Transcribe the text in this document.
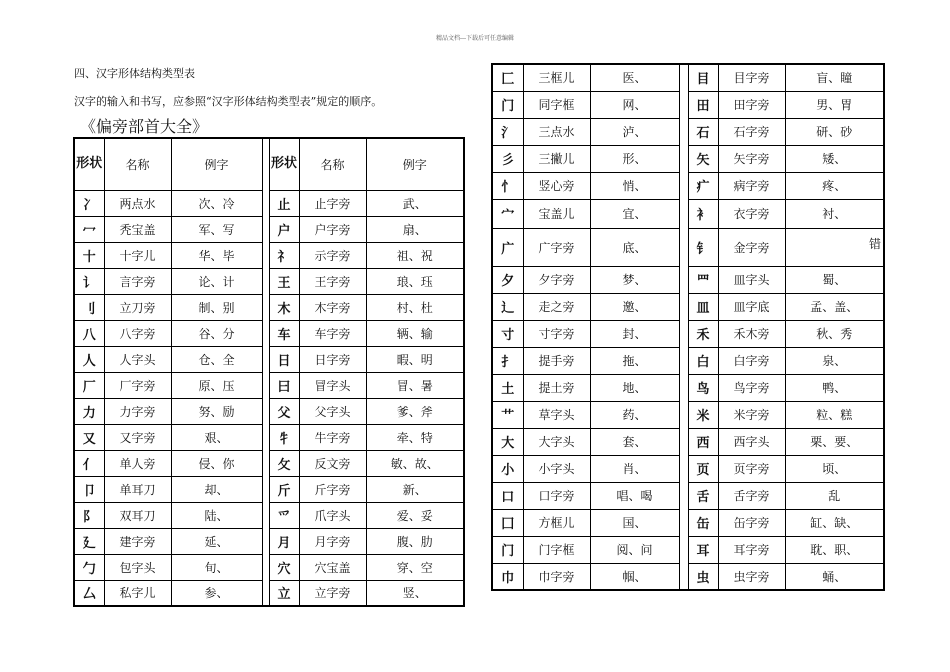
精品文档---下载后可任意编辑
四、汉字形体结构类型表
汉字的输入和书写，应参照“汉字形体结构类型表”规定的顺序。
《偏旁部首大全》
形状	名称	例字		形状	名称	例字
冫	两点水	次、冷		止	止字旁	武、
冖	秃宝盖	军、写		户	户字旁	扇、
十	十字儿	华、毕		礻	示字旁	祖、祝
讠	言字旁	论、计		王	王字旁	琅、珏
刂	立刀旁	制、别		木	木字旁	村、杜
八	八字旁	谷、分		车	车字旁	辆、输
人	人字头	仓、全		日	日字旁	暇、明
厂	厂字旁	原、压		曰	冒字头	冒、暑
力	力字旁	努、励		父	父字头	爹、斧
又	又字旁	艰、		牜	牛字旁	牵、特
亻	单人旁	侵、你		攵	反文旁	敏、故、
卩	单耳刀	却、		斤	斤字旁	新、
阝	双耳刀	陆、		爫	爪字头	爱、妥
廴	建字旁	延、		月	月字旁	腹、肋
勹	包字头	旬、		穴	穴宝盖	穿、空
厶	私字儿	参、		立	立字旁	竖、
匚	三框儿	医、		目	目字旁	盲、瞳
门	同字框	网、		田	田字旁	男、胃
氵	三点水	泸、		石	石字旁	研、砂
彡	三撇儿	形、		矢	矢字旁	矮、
忄	竖心旁	悄、		疒	病字旁	疼、
宀	宝盖儿	宜、		衤	衣字旁	衬、
广	广字旁	底、		钅	金字旁	错

夕	夕字旁	梦、		罒	皿字头	蜀、
辶	走之旁	邀、		皿	皿字底	孟、盖、
寸	寸字旁	封、		禾	禾木旁	秋、秀
扌	提手旁	拖、		白	白字旁	泉、
土	提土旁	地、		鸟	鸟字旁	鸭、
艹	草字头	药、		米	米字旁	粒、糕
大	大字头	套、		西	西字头	栗、要、
小	小字头	肖、		页	页字旁	顷、
口	口字旁	唱、喝		舌	舌字旁	乱
囗	方框儿	国、		缶	缶字旁	缸、缺、
门	门字框	阅、问		耳	耳字旁	耽、职、
巾	巾字旁	帼、		虫	虫字旁	蛹、
